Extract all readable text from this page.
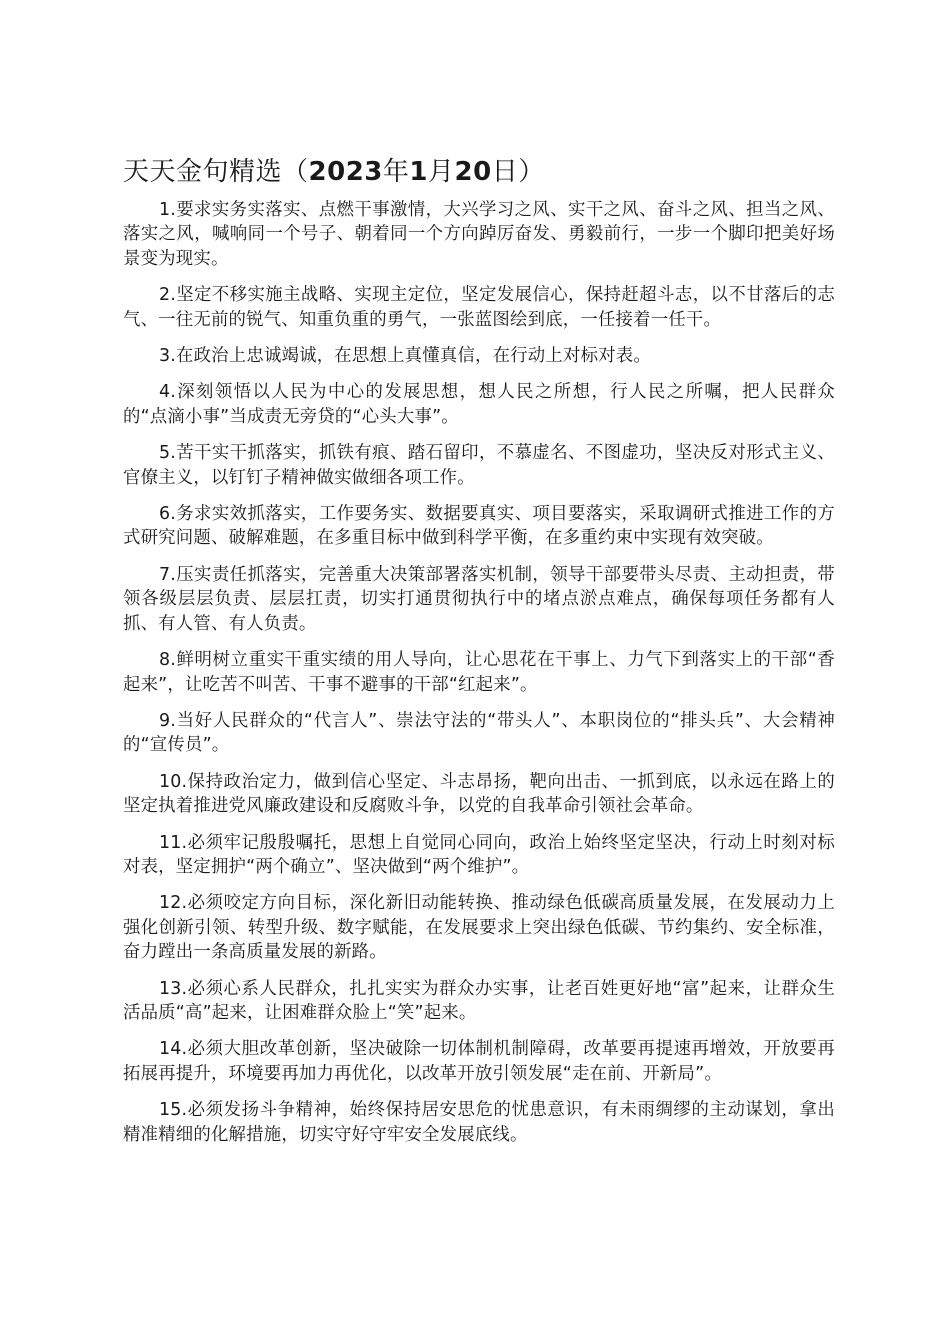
天天金句精选（2023年1月20日）

1.要求实务实落实、点燃干事激情，大兴学习之风、实干之风、奋斗之风、担当之风、落实之风，喊响同一个号子、朝着同一个方向踔厉奋发、勇毅前行，一步一个脚印把美好场景变为现实。

2.坚定不移实施主战略、实现主定位，坚定发展信心，保持赶超斗志，以不甘落后的志气、一往无前的锐气、知重负重的勇气，一张蓝图绘到底，一任接着一任干。

3.在政治上忠诚竭诚，在思想上真懂真信，在行动上对标对表。

4.深刻领悟以人民为中心的发展思想，想人民之所想，行人民之所嘱，把人民群众的“点滴小事”当成责无旁贷的“心头大事”。

5.苦干实干抓落实，抓铁有痕、踏石留印，不慕虚名、不图虚功，坚决反对形式主义、官僚主义，以钉钉子精神做实做细各项工作。

6.务求实效抓落实，工作要务实、数据要真实、项目要落实，采取调研式推进工作的方式研究问题、破解难题，在多重目标中做到科学平衡，在多重约束中实现有效突破。

7.压实责任抓落实，完善重大决策部署落实机制，领导干部要带头尽责、主动担责，带领各级层层负责、层层扛责，切实打通贯彻执行中的堵点淤点难点，确保每项任务都有人抓、有人管、有人负责。

8.鲜明树立重实干重实绩的用人导向，让心思花在干事上、力气下到落实上的干部“香起来”，让吃苦不叫苦、干事不避事的干部“红起来”。

9.当好人民群众的“代言人”、崇法守法的“带头人”、本职岗位的“排头兵”、大会精神的“宣传员”。

10.保持政治定力，做到信心坚定、斗志昂扬，靶向出击、一抓到底，以永远在路上的坚定执着推进党风廉政建设和反腐败斗争，以党的自我革命引领社会革命。

11.必须牢记殷殷嘱托，思想上自觉同心同向，政治上始终坚定坚决，行动上时刻对标对表，坚定拥护“两个确立”、坚决做到“两个维护”。

12.必须咬定方向目标，深化新旧动能转换、推动绿色低碳高质量发展，在发展动力上强化创新引领、转型升级、数字赋能，在发展要求上突出绿色低碳、节约集约、安全标准，奋力蹚出一条高质量发展的新路。

13.必须心系人民群众，扎扎实实为群众办实事，让老百姓更好地“富”起来，让群众生活品质“高”起来，让困难群众脸上“笑”起来。

14.必须大胆改革创新，坚决破除一切体制机制障碍，改革要再提速再增效，开放要再拓展再提升，环境要再加力再优化，以改革开放引领发展“走在前、开新局”。

15.必须发扬斗争精神，始终保持居安思危的忧患意识，有未雨绸缪的主动谋划，拿出精准精细的化解措施，切实守好守牢安全发展底线。
